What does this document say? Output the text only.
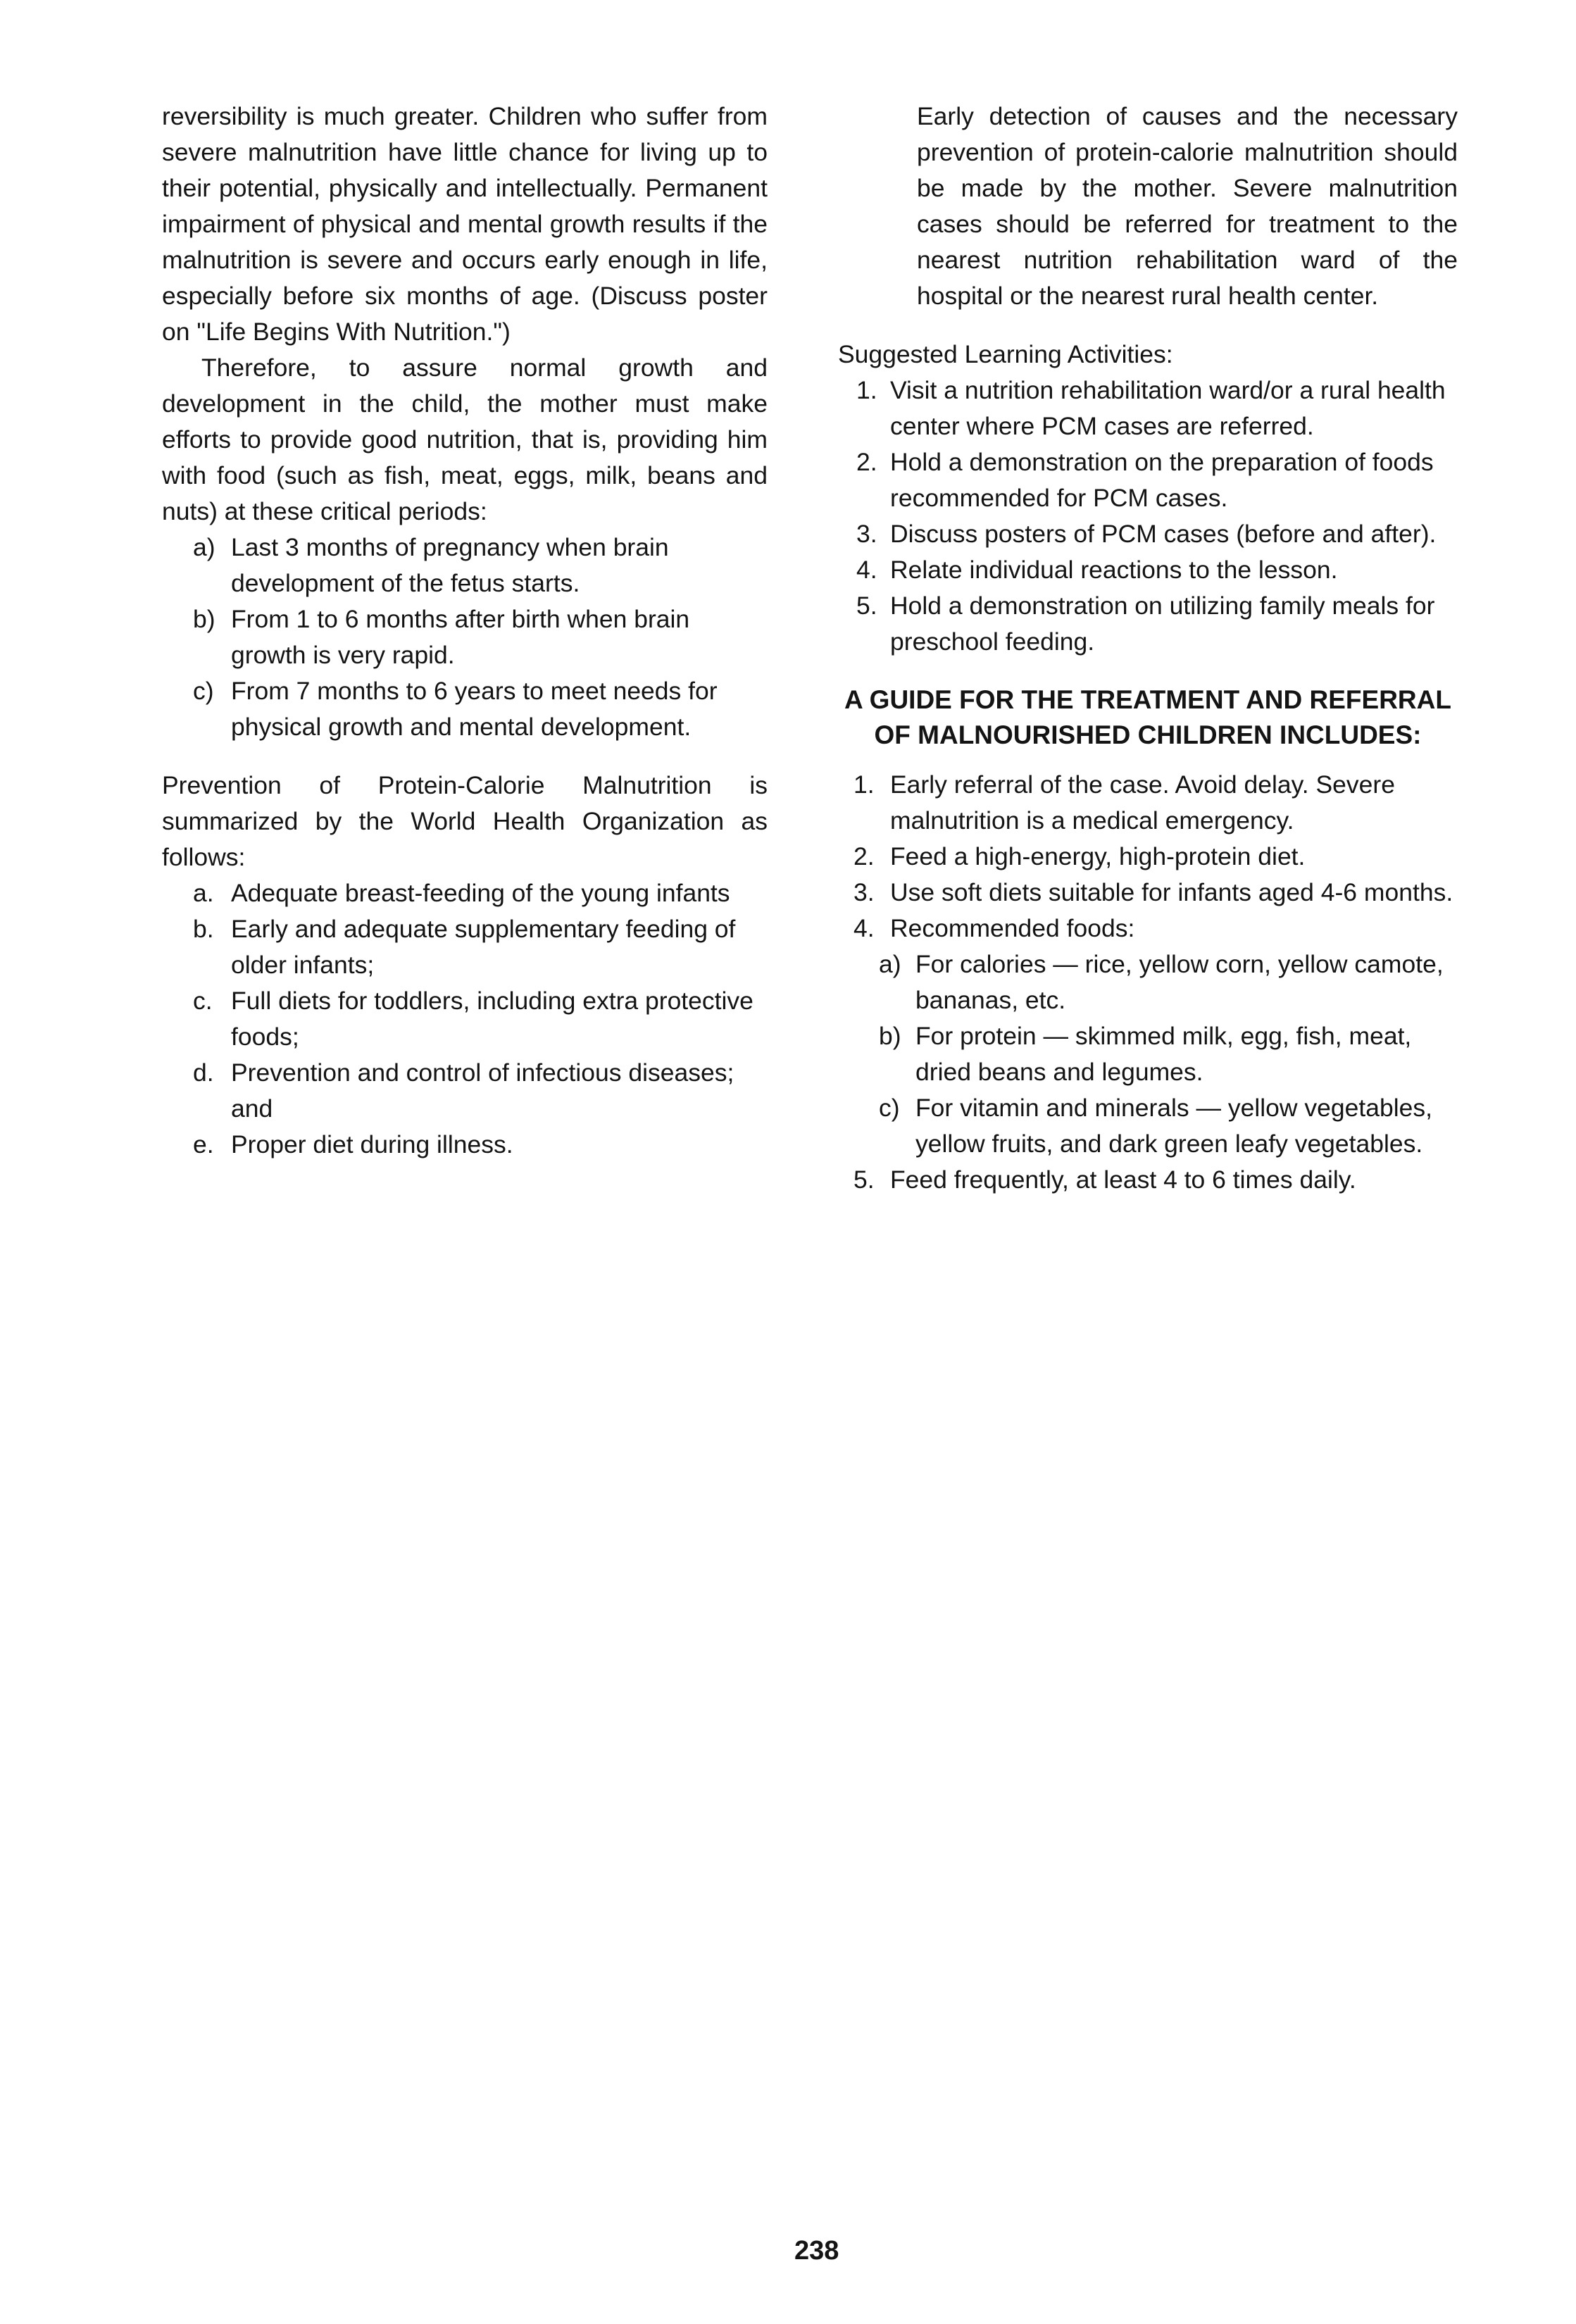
reversibility is much greater. Children who suffer from severe malnutrition have little chance for living up to their potential, physically and intellectually. Permanent impairment of physical and mental growth results if the malnutrition is severe and occurs early enough in life, especially before six months of age. (Discuss poster on "Life Begins With Nutrition.")

Therefore, to assure normal growth and development in the child, the mother must make efforts to provide good nutrition, that is, providing him with food (such as fish, meat, eggs, milk, beans and nuts) at these critical periods:

a) Last 3 months of pregnancy when brain development of the fetus starts.
b) From 1 to 6 months after birth when brain growth is very rapid.
c) From 7 months to 6 years to meet needs for physical growth and mental development.

Prevention of Protein-Calorie Malnutrition is summarized by the World Health Organization as follows:

a. Adequate breast-feeding of the young infants
b. Early and adequate supplementary feeding of older infants;
c. Full diets for toddlers, including extra protective foods;
d. Prevention and control of infectious diseases; and
e. Proper diet during illness.

Early detection of causes and the necessary prevention of protein-calorie malnutrition should be made by the mother. Severe malnutrition cases should be referred for treatment to the nearest nutrition rehabilitation ward of the hospital or the nearest rural health center.

Suggested Learning Activities:

1. Visit a nutrition rehabilitation ward/or a rural health center where PCM cases are referred.
2. Hold a demonstration on the preparation of foods recommended for PCM cases.
3. Discuss posters of PCM cases (before and after).
4. Relate individual reactions to the lesson.
5. Hold a demonstration on utilizing family meals for preschool feeding.
A GUIDE FOR THE TREATMENT AND REFERRAL
OF MALNOURISHED CHILDREN INCLUDES:
1. Early referral of the case. Avoid delay. Severe malnutrition is a medical emergency.
2. Feed a high-energy, high-protein diet.
3. Use soft diets suitable for infants aged 4-6 months.
4. Recommended foods:
a) For calories — rice, yellow corn, yellow camote, bananas, etc.
b) For protein — skimmed milk, egg, fish, meat, dried beans and legumes.
c) For vitamin and minerals — yellow vegetables, yellow fruits, and dark green leafy vegetables.
5. Feed frequently, at least 4 to 6 times daily.
238
